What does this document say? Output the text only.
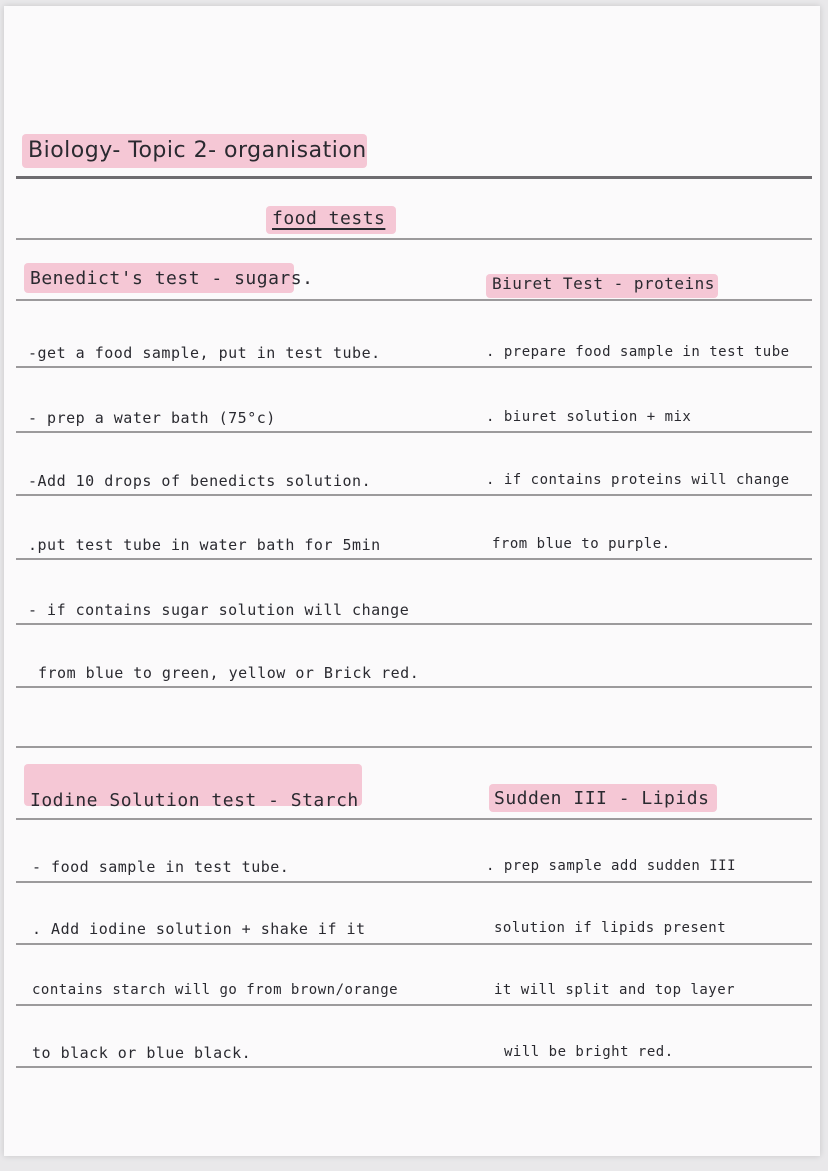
Biology- Topic 2- organisation
food tests
Benedict's test - sugars.
-get a food sample, put in test tube.
- prep a water bath (75°c)
-Add 10 drops of benedicts solution.
.put test tube in water bath for 5min
- if contains sugar solution will change
from blue to green, yellow or Brick red.
Biuret Test - proteins
. prepare food sample in test tube
. biuret solution + mix
. if contains proteins will change
from blue to purple.
Iodine Solution test - Starch
- food sample in test tube.
. Add iodine solution + shake if it
contains starch will go from brown/orange
to black or blue black.
Sudden III - Lipids
. prep sample add sudden III
solution if lipids present
it will split and top layer
will be bright red.
